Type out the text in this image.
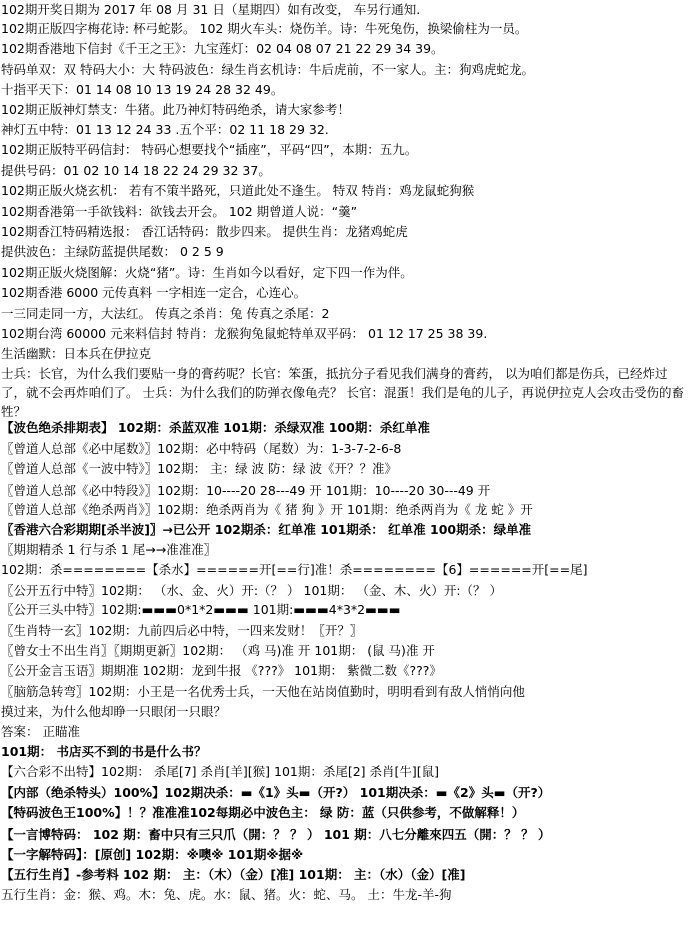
102期开奖日期为 2017 年 08 月 31 日（星期四）如有改变， 车另行通知.
102期正版四字梅花诗: 杯弓蛇影。 102 期火车头：烧伤羊。诗：牛死兔伤，换梁偷柱为一员。
102期香港地下信封《千王之王》：九宝莲灯：02 04 08 07 21 22 29 34 39。
特码单双：双 特码大小：大 特码波色：绿生肖玄机诗：牛后虎前，不一家人。主：狗鸡虎蛇龙。
十指平天下：01 14 08 10 13 19 24 28 32 49。
102期正版神灯禁支：牛猪。此乃神灯特码绝杀，请大家参考！
神灯五中特：01 13 12 24 33 .五个平：02 11 18 29 32.
102期正版特平码信封： 特码心想要找个“插座”，平码“四”，本期：五九。
提供号码：01 02 10 14 18 22 24 29 32 37。
102期正版火烧玄机： 若有不策半路死，只道此处不逢生。 特双 特肖：鸡龙鼠蛇狗猴
102期香港第一手欲钱料：欲钱去开会。 102 期曾道人说：“羹”
102期香江特码精选报： 香江话特码：散步四来。 提供生肖：龙猪鸡蛇虎
提供波色：主绿防蓝提供尾数： 0 2 5 9
102期正版火烧图解：火烧“猪”。诗：生肖如今以看好，定下四一作为伴。
102期香港 6000 元传真料 一字相连一定合，心连心。
一三同走同一方，大法红。 传真之杀肖：兔 传真之杀尾：2
102期台湾 60000 元来料信封 特肖：龙猴狗兔鼠蛇特单双平码： 01 12 17 25 38 39.
生活幽默：日本兵在伊拉克
士兵：长官，为什么我们要贴一身的膏药呢？长官：笨蛋，抵抗分子看见我们满身的膏药， 以为咱们都是伤兵，已经炸过了，就不会再炸咱们了。 士兵：为什么我们的防弹衣像龟壳？ 长官：混蛋！我们是龟的儿子，再说伊拉克人会攻击受伤的畜牲？
【波色绝杀排期表】 102期：杀蓝双准 101期：杀绿双准 100期：杀红单准
〖曾道人总部《必中尾数》〗102期：必中特码（尾数）为：1-3-7-2-6-8
〖曾道人总部《一波中特》〗102期： 主：绿 波 防：绿 波《开？？准》
〖曾道人总部《必中特段》〗102期：10----20 28---49 开 101期：10----20 30---49 开
〖曾道人总部《绝杀两肖》〗102期：绝杀两肖为《 猪 狗 》开 101期：绝杀两肖为《 龙 蛇 》开
〖香港六合彩期期[杀半波]〗→已公开 102期杀：红单准 101期杀： 红单准 100期杀：绿单准
〖期期精杀 1 行与杀 1 尾→→准准准〗
102期：杀========【杀水】======开[==行]准！杀========【6】======开[==尾]
〖公开五行中特〗102期： （水、金、火）开:（？ ） 101期： （金、木、火）开:（？ ）
〖公开三头中特〗102期:▬▬▬0*1*2▬▬▬ 101期:▬▬▬4*3*2▬▬▬
〖生肖特一玄〗102期：九前四后必中特，一四来发财！〖开？〗
〖曾女士不出生肖〗〖期期更新〗102期： （鸡 马)准 开 101期： (鼠 马)准 开
〖公开金言玉语〗期期准 102期：龙到牛报 《???》 101期： 紫微二数《???》
〖脑筋急转弯〗102期：小王是一名优秀士兵，一天他在站岗值勤时，明明看到有敌人悄悄向他
摸过来，为什么他却睁一只眼闭一只眼？
答案： 正瞄准
101期： 书店买不到的书是什么书？
【六合彩不出特】102期： 杀尾[7] 杀肖[羊][猴] 101期：杀尾[2] 杀肖[牛][鼠]
【内部（绝杀特头）100%】102期决杀：▬《1》头▬（开?） 101期决杀：▬《2》头▬（开?）
【特码波色王100%】！？准准准102每期必中波色主： 绿 防：蓝（只供参考，不做解释！）
【一言博特码： 102 期：畜中只有三只爪（開：？ ？ ） 101 期：八七分離來四五（開：？ ？ ）
【一字解特码】：[原创] 102期：※噢※ 101期※据※
【五行生肖】-参考料 102 期： 主：（木）（金）[准] 101期： 主：（水）（金）[准]
五行生肖：金：猴、鸡。木：兔、虎。水：鼠、猪。火：蛇、马。 土：牛龙-羊-狗
